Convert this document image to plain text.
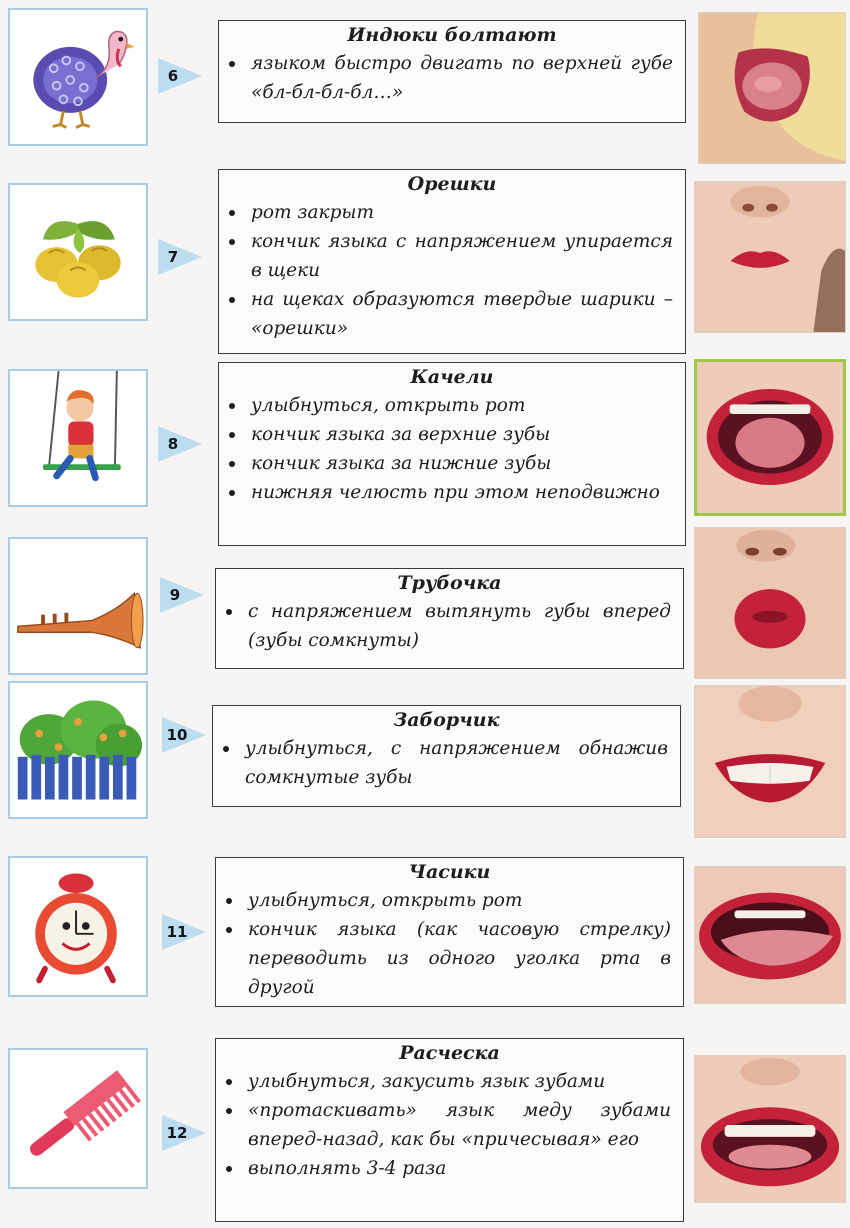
6
Индюки болтают
языком быстро двигать по верхней губе «бл-бл-бл-бл…»
7
Орешки
рот закрыт
кончик языка с напряжением упирается в щеки
на щеках образуются твердые шарики – «орешки»
8
Качели
улыбнуться, открыть рот
кончик языка за верхние зубы
кончик языка за нижние зубы
нижняя челюсть при этом неподвижно
9
Трубочка
с напряжением вытянуть губы вперед (зубы сомкнуты)
10
Заборчик
улыбнуться, с напряжением обнажив сомкнутые зубы
11
Часики
улыбнуться, открыть рот
кончик языка (как часовую стрелку) переводить из одного уголка рта в другой
12
Расческа
улыбнуться, закусить язык зубами
«протаскивать» язык меду зубами вперед-назад, как бы «причесывая» его
выполнять 3-4 раза
